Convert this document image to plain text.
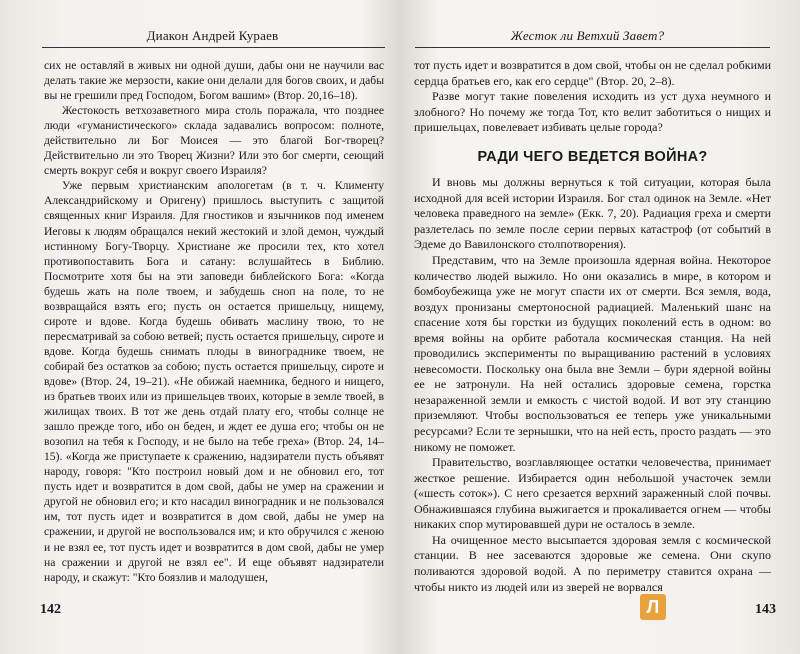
Диакон Андрей Кураев

сих не оставляй в живых ни одной души, дабы они не научили вас делать такие же мерзости, какие они делали для богов своих, и дабы вы не грешили пред Господом, Богом вашим» (Втор. 20,16–18).

Жестокость ветхозаветного мира столь поражала, что позднее люди «гуманистического» склада задавались вопросом: полноте, действительно ли Бог Моисея — это благой Бог-творец? Действительно ли это Творец Жизни? Или это бог смерти, сеющий смерть вокруг себя и вокруг своего Израиля?

Уже первым христианским апологетам (в т. ч. Клименту Александрийскому и Оригену) пришлось выступить с защитой священных книг Израиля. Для гностиков и язычников под именем Иеговы к людям обращался некий жестокий и злой демон, чуждый истинному Богу-Творцу. Христиане же просили тех, кто хотел противопоставить Бога и сатану: вслушайтесь в Библию. Посмотрите хотя бы на эти заповеди библейского Бога: «Когда будешь жать на поле твоем, и забудешь сноп на поле, то не возвращайся взять его; пусть он остается пришельцу, нищему, сироте и вдове. Когда будешь обивать маслину твою, то не пересматривай за собою ветвей; пусть остается пришельцу, сироте и вдове. Когда будешь снимать плоды в винограднике твоем, не собирай без остатков за собою; пусть остается пришельцу, сироте и вдове» (Втор. 24, 19–21). «Не обижай наемника, бедного и нищего, из братьев твоих или из пришельцев твоих, которые в земле твоей, в жилищах твоих. В тот же день отдай плату его, чтобы солнце не зашло прежде того, ибо он беден, и ждет ее душа его; чтобы он не возопил на тебя к Господу, и не было на тебе греха» (Втор. 24, 14–15). «Когда же приступаете к сражению, надзиратели пусть объявят народу, говоря: "Кто построил новый дом и не обновил его, тот пусть идет и возвратится в дом свой, дабы не умер на сражении и другой не обновил его; и кто насадил виноградник и не пользовался им, тот пусть идет и возвратится в дом свой, дабы не умер на сражении, и другой не воспользовался им; и кто обручился с женою и не взял ее, тот пусть идет и возвратится в дом свой, дабы не умер на сражении и другой не взял ее". И еще объявят надзиратели народу, и скажут: "Кто боязлив и малодушен,

142
Жесток ли Ветхий Завет?

тот пусть идет и возвратится в дом свой, чтобы он не сделал робкими сердца братьев его, как его сердце" (Втор. 20, 2–8).

Разве могут такие повеления исходить из уст духа неумного и злобного? Но почему же тогда Тот, кто велит заботиться о нищих и пришельцах, повелевает избивать целые города?

РАДИ ЧЕГО ВЕДЕТСЯ ВОЙНА?

И вновь мы должны вернуться к той ситуации, которая была исходной для всей истории Израиля. Бог стал одинок на Земле. «Нет человека праведного на земле» (Екк. 7, 20). Радиация греха и смерти разлетелась по земле после серии первых катастроф (от событий в Эдеме до Вавилонского столпотворения).

Представим, что на Земле произошла ядерная война. Некоторое количество людей выжило. Но они оказались в мире, в котором и бомбоубежища уже не могут спасти их от смерти. Вся земля, вода, воздух пронизаны смертоносной радиацией. Маленький шанс на спасение хотя бы горстки из будущих поколений есть в одном: во время войны на орбите работала космическая станция. На ней проводились эксперименты по выращиванию растений в условиях невесомости. Поскольку она была вне Земли – бури ядерной войны ее не затронули. На ней остались здоровые семена, горстка незараженной земли и емкость с чистой водой. И вот эту станцию приземляют. Чтобы воспользоваться ее теперь уже уникальными ресурсами? Если те зернышки, что на ней есть, просто раздать — это никому не поможет.

Правительство, возглавляющее остатки человечества, принимает жесткое решение. Избирается один небольшой участочек земли («шесть соток»). С него срезается верхний зараженный слой почвы. Обнажившаяся глубина выжигается и прокаливается огнем — чтобы никаких спор мутировавшей дури не осталось в земле.

На очищенное место высыпается здоровая земля с космической станции. В нее засеваются здоровые же семена. Они скупо поливаются здоровой водой. А по периметру ставится охрана — чтобы никто из людей или из зверей не ворвался

143
Л
